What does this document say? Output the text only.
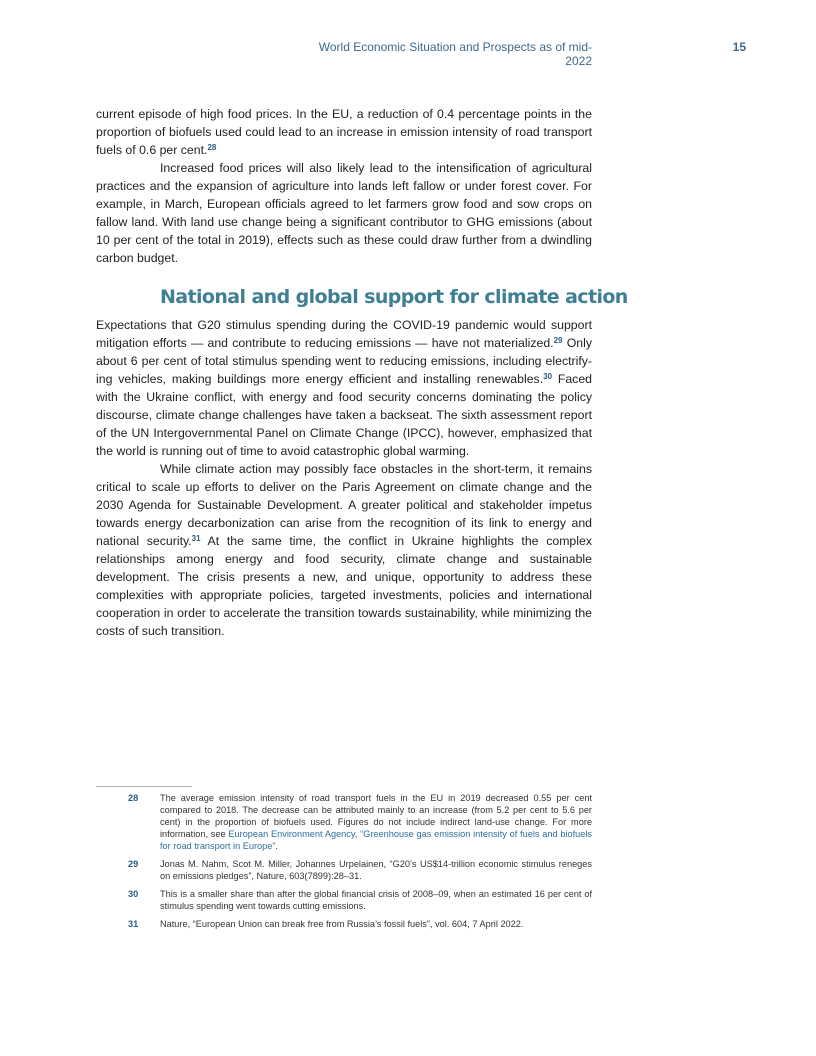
World Economic Situation and Prospects as of mid-2022
15

current episode of high food prices. In the EU, a reduction of 0.4 percentage points in the proportion of biofuels used could lead to an increase in emission intensity of road transport fuels of 0.6 per cent.$^{28}$

Increased food prices will also likely lead to the intensification of agricultural practices and the expansion of agriculture into lands left fallow or under forest cover. For example, in March, European officials agreed to let farmers grow food and sow crops on fallow land. With land use change being a significant contributor to GHG emissions (about 10 per cent of the total in 2019), effects such as these could draw further from a dwindling carbon budget.

National and global support for climate action

Expectations that G20 stimulus spending during the COVID-19 pandemic would support mitigation efforts — and contribute to reducing emissions — have not materialized.$^{29}$ Only about 6 per cent of total stimulus spending went to reducing emissions, including electrify-ing vehicles, making buildings more energy efficient and installing renewables.$^{30}$ Faced with the Ukraine conflict, with energy and food security concerns dominating the policy discourse, climate change challenges have taken a backseat. The sixth assessment report of the UN Intergovernmental Panel on Climate Change (IPCC), however, emphasized that the world is running out of time to avoid catastrophic global warming.

While climate action may possibly face obstacles in the short-term, it remains critical to scale up efforts to deliver on the Paris Agreement on climate change and the 2030 Agenda for Sustainable Development. A greater political and stakeholder impetus towards energy decarbonization can arise from the recognition of its link to energy and national security.$^{31}$ At the same time, the conflict in Ukraine highlights the complex relationships among energy and food security, climate change and sustainable development. The crisis presents a new, and unique, opportunity to address these complexities with appropriate policies, targeted investments, policies and international cooperation in order to accelerate the transition towards sustainability, while minimizing the costs of such transition.

28	The average emission intensity of road transport fuels in the EU in 2019 decreased 0.55 per cent compared to 2018. The decrease can be attributed mainly to an increase (from 5.2 per cent to 5.6 per cent) in the proportion of biofuels used. Figures do not include indirect land-use change. For more information, see European Environment Agency, “Greenhouse gas emission intensity of fuels and biofuels for road transport in Europe”.
29	Jonas M. Nahm, Scot M. Miller, Johannes Urpelainen, “G20’s US$14-trillion economic stimulus reneges on emissions pledges”, Nature, 603(7899):28–31.
30	This is a smaller share than after the global financial crisis of 2008–09, when an estimated 16 per cent of stimulus spending went towards cutting emissions.
31	Nature, “European Union can break free from Russia’s fossil fuels”, vol. 604, 7 April 2022.
